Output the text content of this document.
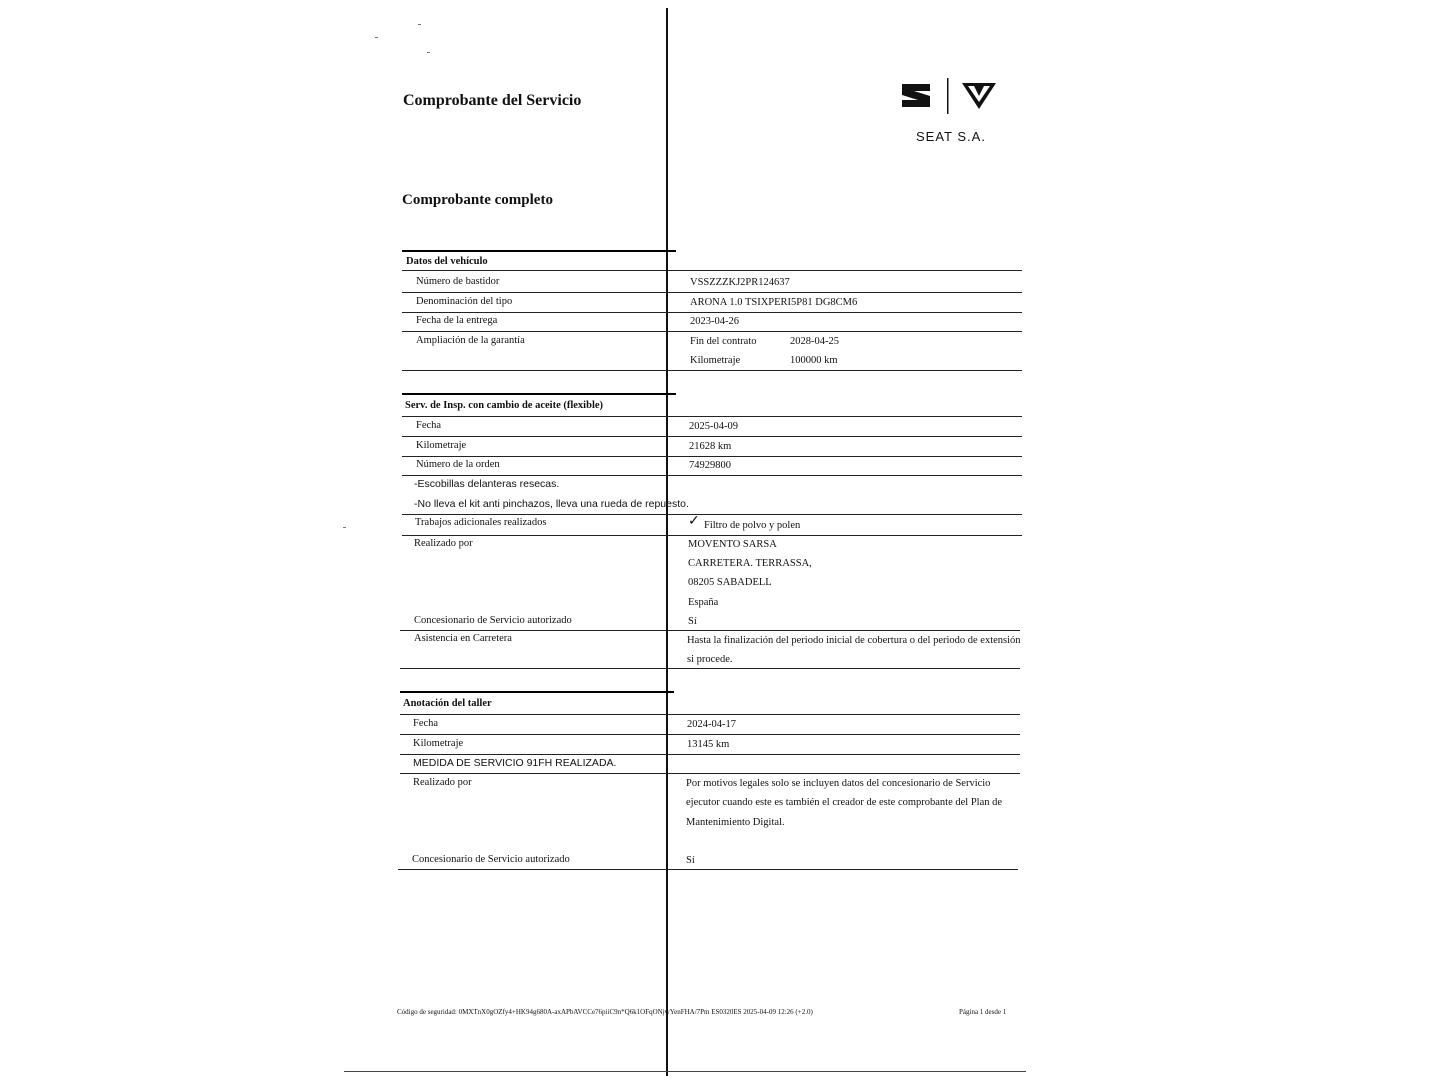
Comprobante del Servicio
Comprobante completo
SEAT S.A.
Datos del vehículo
Número de bastidor	VSSZZZKJ2PR124637
Denominación del tipo	ARONA 1.0 TSIXPERI5P81 DG8CM6
Fecha de la entrega	2023-04-26
Ampliación de la garantía	Fin del contrato	2028-04-25
Kilometraje	100000 km
Serv. de Insp. con cambio de aceite (flexible)
Fecha	2025-04-09
Kilometraje	21628 km
Número de la orden	74929800
-Escobillas delanteras resecas.
-No lleva el kit anti pinchazos, lleva una rueda de repuesto.
Trabajos adicionales realizados	✓ Filtro de polvo y polen
Realizado por	MOVENTO SARSA
CARRETERA. TERRASSA,
08205 SABADELL
España
Concesionario de Servicio autorizado	Sí
Asistencia en Carretera	Hasta la finalización del periodo inicial de cobertura o del periodo de extensión
si procede.
Anotación del taller
Fecha	2024-04-17
Kilometraje	13145 km
MEDIDA DE SERVICIO 91FH REALIZADA.
Realizado por	Por motivos legales solo se incluyen datos del concesionario de Servicio
ejecutor cuando este es también el creador de este comprobante del Plan de
Mantenimiento Digital.
Concesionario de Servicio autorizado	Sí
Código de seguridad: 0MXTnX0gOZfy4+HK94g680A-axAPbAVCCe76piiC9n*Q6k1OFqONjwYenFHA/7Pm ES0320ES 2025-04-09 12:26 (+2.0)	Página 1 desde 1
